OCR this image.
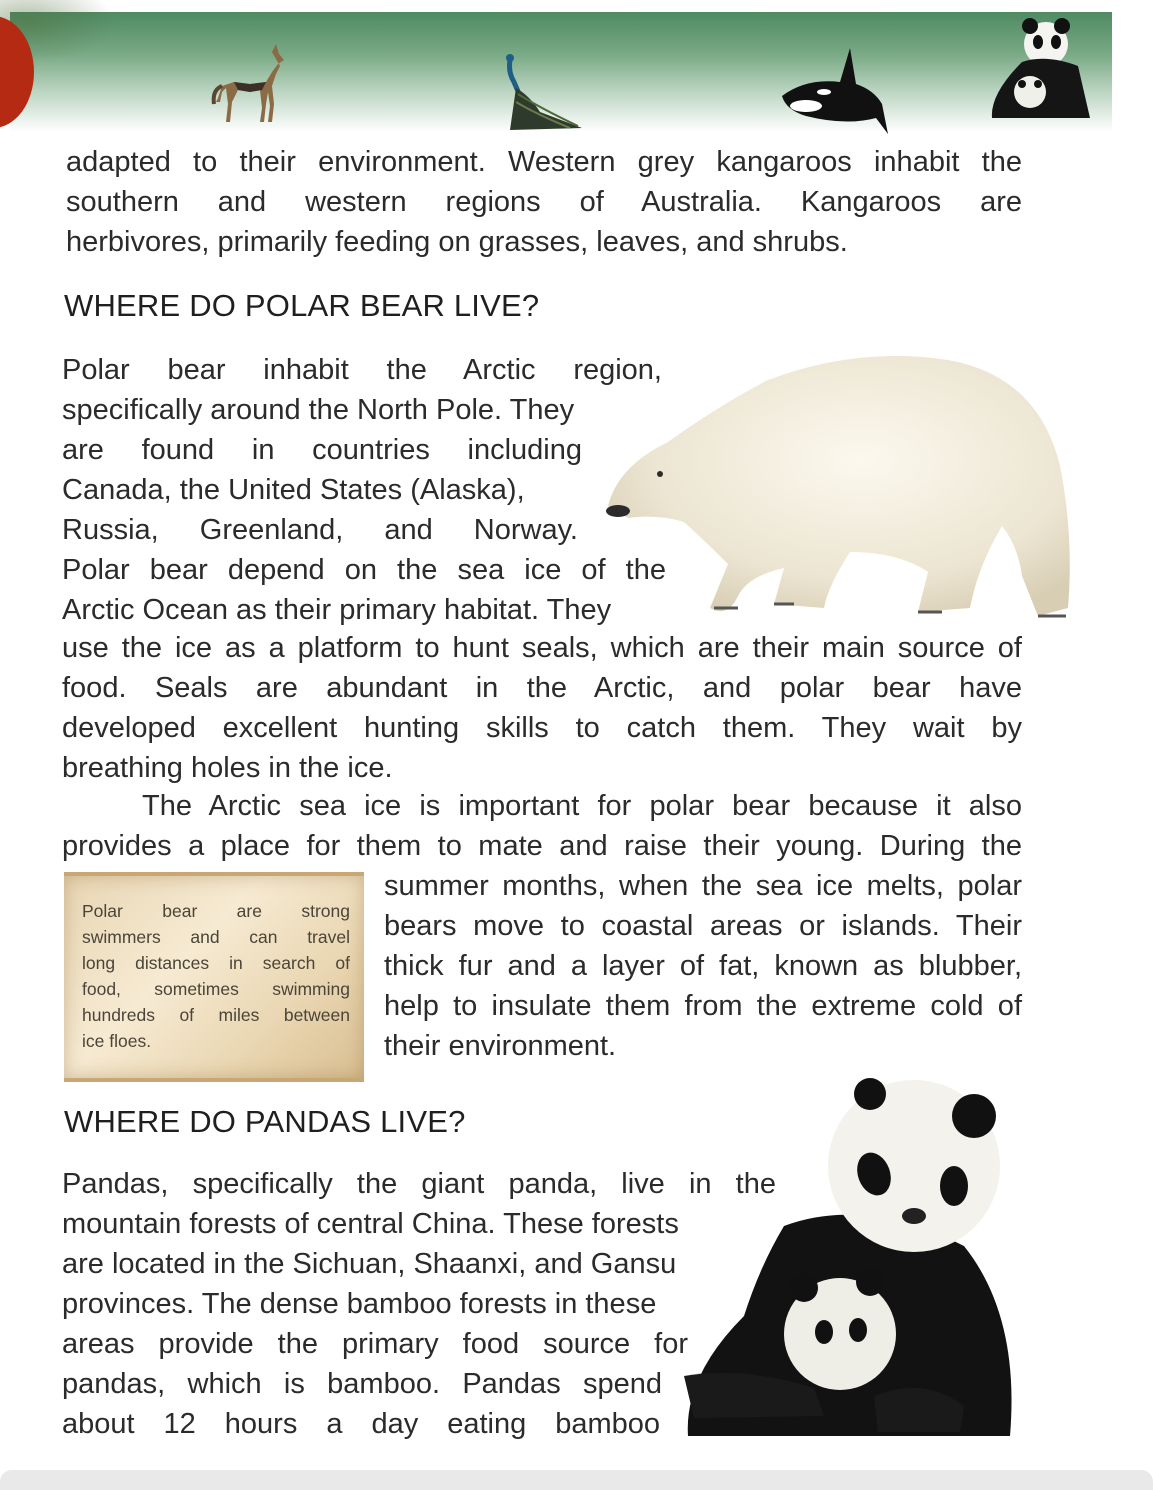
adapted to their environment. Western grey kangaroos inhabit the
southern and western regions of Australia. Kangaroos are
herbivores, primarily feeding on grasses, leaves, and shrubs.
WHERE DO POLAR BEAR LIVE?
Polar bear inhabit the Arctic region,
specifically around the North Pole. They
are found in countries including
Canada, the United States (Alaska),
Russia, Greenland, and Norway.
Polar bear depend on the sea ice of the
Arctic Ocean as their primary habitat. They
use the ice as a platform to hunt seals, which are their main source of
food. Seals are abundant in the Arctic, and polar bear have
developed excellent hunting skills to catch them. They wait by
breathing holes in the ice.
The Arctic sea ice is important for polar bear because it also
provides a place for them to mate and raise their young. During the
Polar bear are strong
swimmers and can travel
long distances in search of
food, sometimes swimming
hundreds of miles between
ice floes.
summer months, when the sea ice melts, polar
bears move to coastal areas or islands. Their
thick fur and a layer of fat, known as blubber,
help to insulate them from the extreme cold of
their environment.
WHERE DO PANDAS LIVE?
Pandas, specifically the giant panda, live in the
mountain forests of central China. These forests
are located in the Sichuan, Shaanxi, and Gansu
provinces. The dense bamboo forests in these
areas provide the primary food source for
pandas, which is bamboo. Pandas spend
about 12 hours a day eating bamboo
